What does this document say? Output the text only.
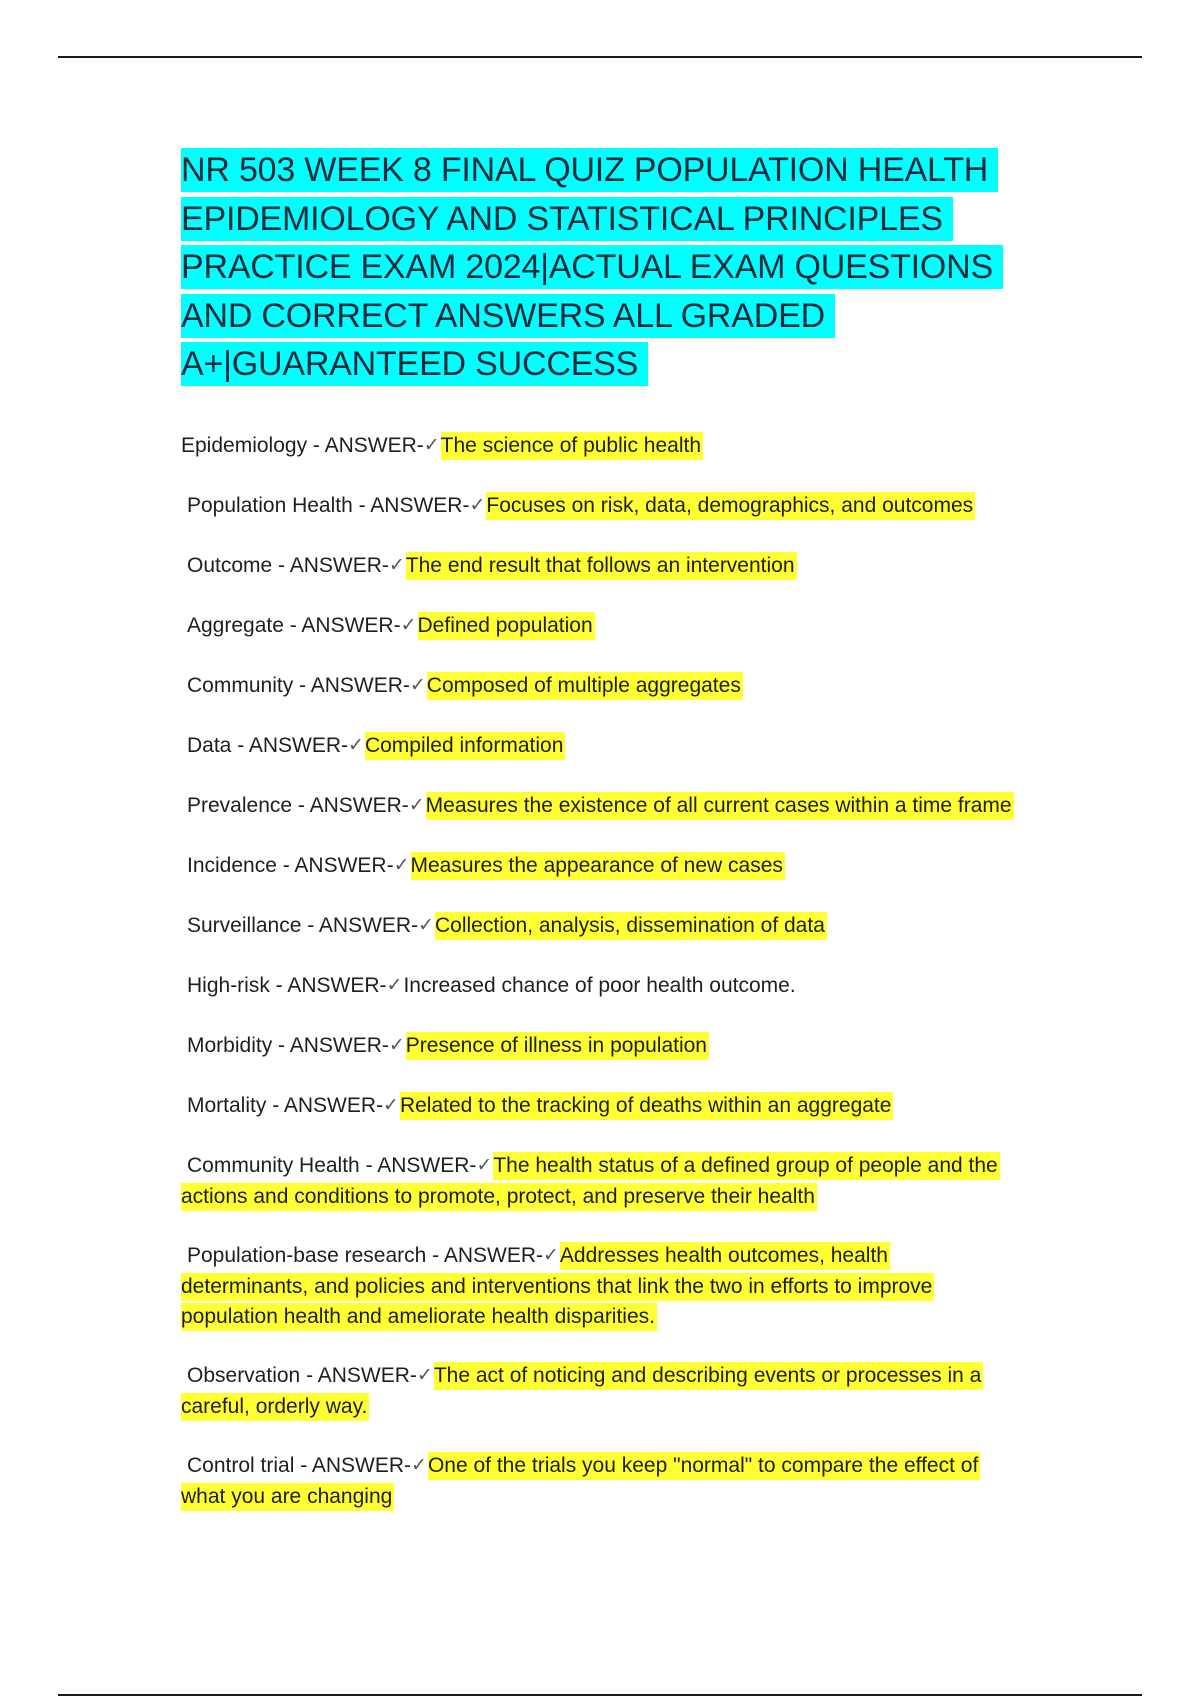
NR 503 WEEK 8 FINAL QUIZ POPULATION HEALTH EPIDEMIOLOGY AND STATISTICAL PRINCIPLES PRACTICE EXAM 2024|ACTUAL EXAM QUESTIONS AND CORRECT ANSWERS ALL GRADED A+|GUARANTEED SUCCESS
Epidemiology - ANSWER-✓The science of public health
Population Health - ANSWER-✓Focuses on risk, data, demographics, and outcomes
Outcome - ANSWER-✓The end result that follows an intervention
Aggregate - ANSWER-✓Defined population
Community - ANSWER-✓Composed of multiple aggregates
Data - ANSWER-✓Compiled information
Prevalence - ANSWER-✓Measures the existence of all current cases within a time frame
Incidence - ANSWER-✓Measures the appearance of new cases
Surveillance - ANSWER-✓Collection, analysis, dissemination of data
High-risk - ANSWER-✓Increased chance of poor health outcome.
Morbidity - ANSWER-✓Presence of illness in population
Mortality - ANSWER-✓Related to the tracking of deaths within an aggregate
Community Health - ANSWER-✓The health status of a defined group of people and the actions and conditions to promote, protect, and preserve their health
Population-base research - ANSWER-✓Addresses health outcomes, health determinants, and policies and interventions that link the two in efforts to improve population health and ameliorate health disparities.
Observation - ANSWER-✓The act of noticing and describing events or processes in a careful, orderly way.
Control trial - ANSWER-✓One of the trials you keep "normal" to compare the effect of what you are changing
